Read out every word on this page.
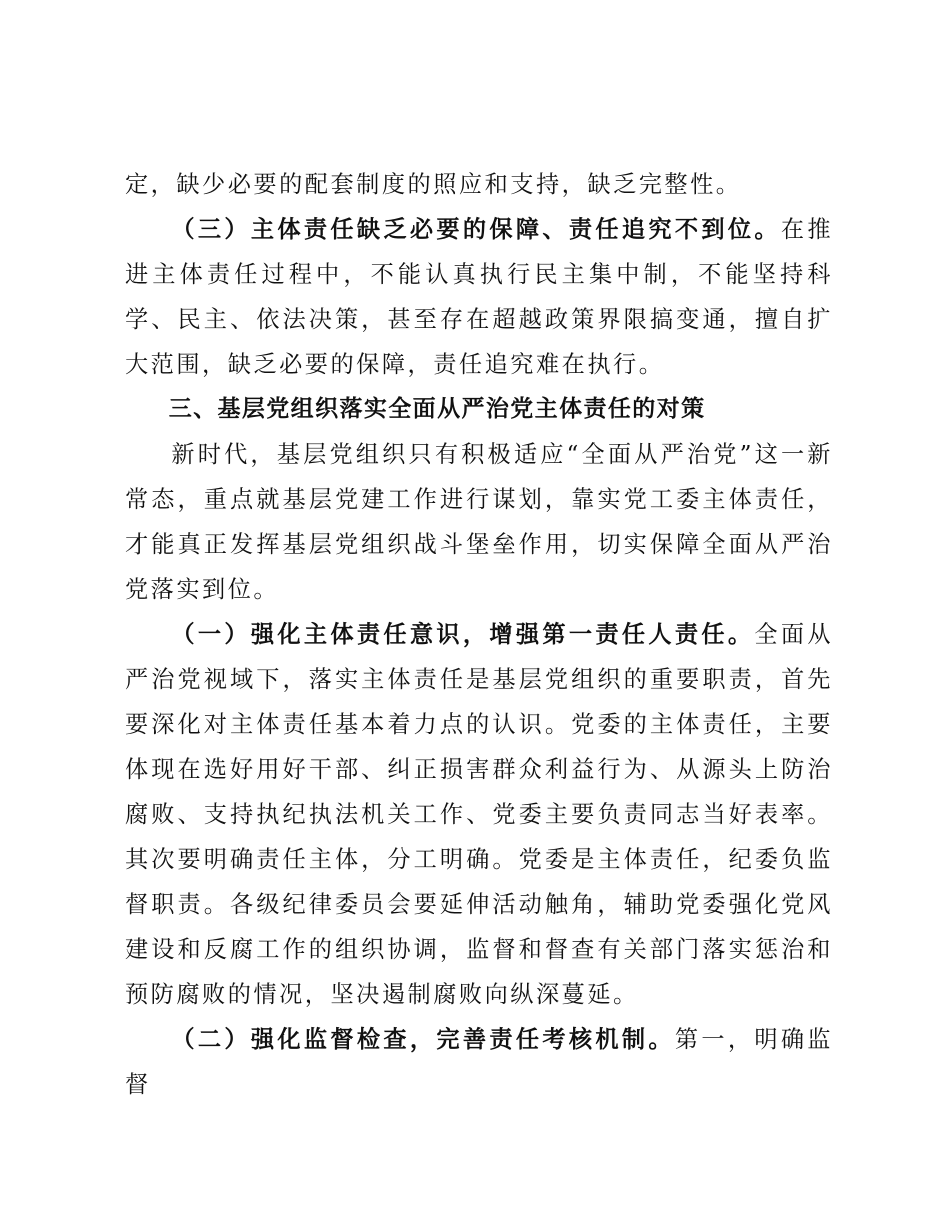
定，缺少必要的配套制度的照应和支持，缺乏完整性。

（三）主体责任缺乏必要的保障、责任追究不到位。在推进主体责任过程中，不能认真执行民主集中制，不能坚持科学、民主、依法决策，甚至存在超越政策界限搞变通，擅自扩大范围，缺乏必要的保障，责任追究难在执行。

三、基层党组织落实全面从严治党主体责任的对策

新时代，基层党组织只有积极适应“全面从严治党”这一新常态，重点就基层党建工作进行谋划，靠实党工委主体责任，才能真正发挥基层党组织战斗堡垒作用，切实保障全面从严治党落实到位。

（一）强化主体责任意识，增强第一责任人责任。全面从严治党视域下，落实主体责任是基层党组织的重要职责，首先要深化对主体责任基本着力点的认识。党委的主体责任，主要体现在选好用好干部、纠正损害群众利益行为、从源头上防治腐败、支持执纪执法机关工作、党委主要负责同志当好表率。其次要明确责任主体，分工明确。党委是主体责任，纪委负监督职责。各级纪律委员会要延伸活动触角，辅助党委强化党风建设和反腐工作的组织协调，监督和督查有关部门落实惩治和预防腐败的情况，坚决遏制腐败向纵深蔓延。

（二）强化监督检查，完善责任考核机制。第一，明确监督
